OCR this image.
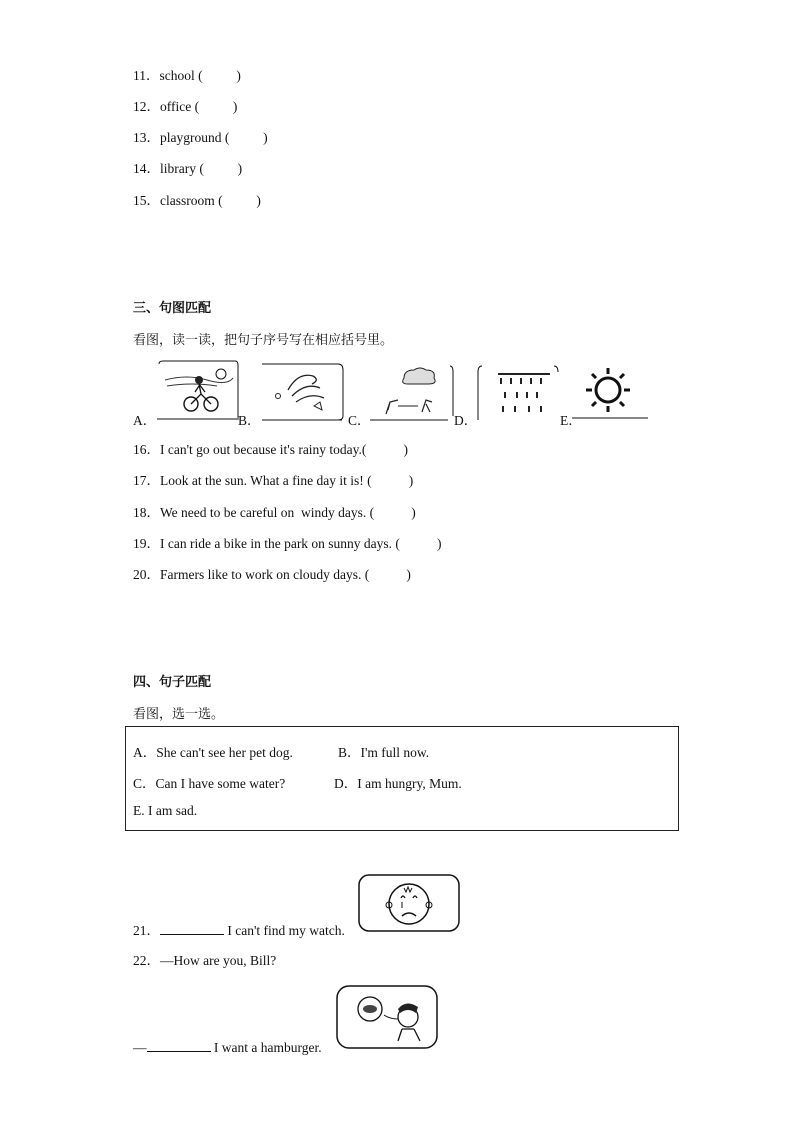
11．school (          )
12．office (          )
13．playground (          )
14．library (          )
15．classroom (          )
三、句图匹配
看图，读一读，把句子序号写在相应括号里。
A．	B．	C．	D．	E．
16．I can't go out because it's rainy today.(           )
17．Look at the sun. What a fine day it is! (           )
18．We need to be careful on  windy days. (           )
19．I can ride a bike in the park on sunny days. (           )
20．Farmers like to work on cloudy days. (           )
四、句子匹配
看图，选一选。
A．She can't see her pet dog.	B．I'm full now.
C．Can I have some water?	D．I am hungry, Mum.
E. I am sad.
21．	I can't find my watch.
22．—How are you, Bill?
—	I want a hamburger.
